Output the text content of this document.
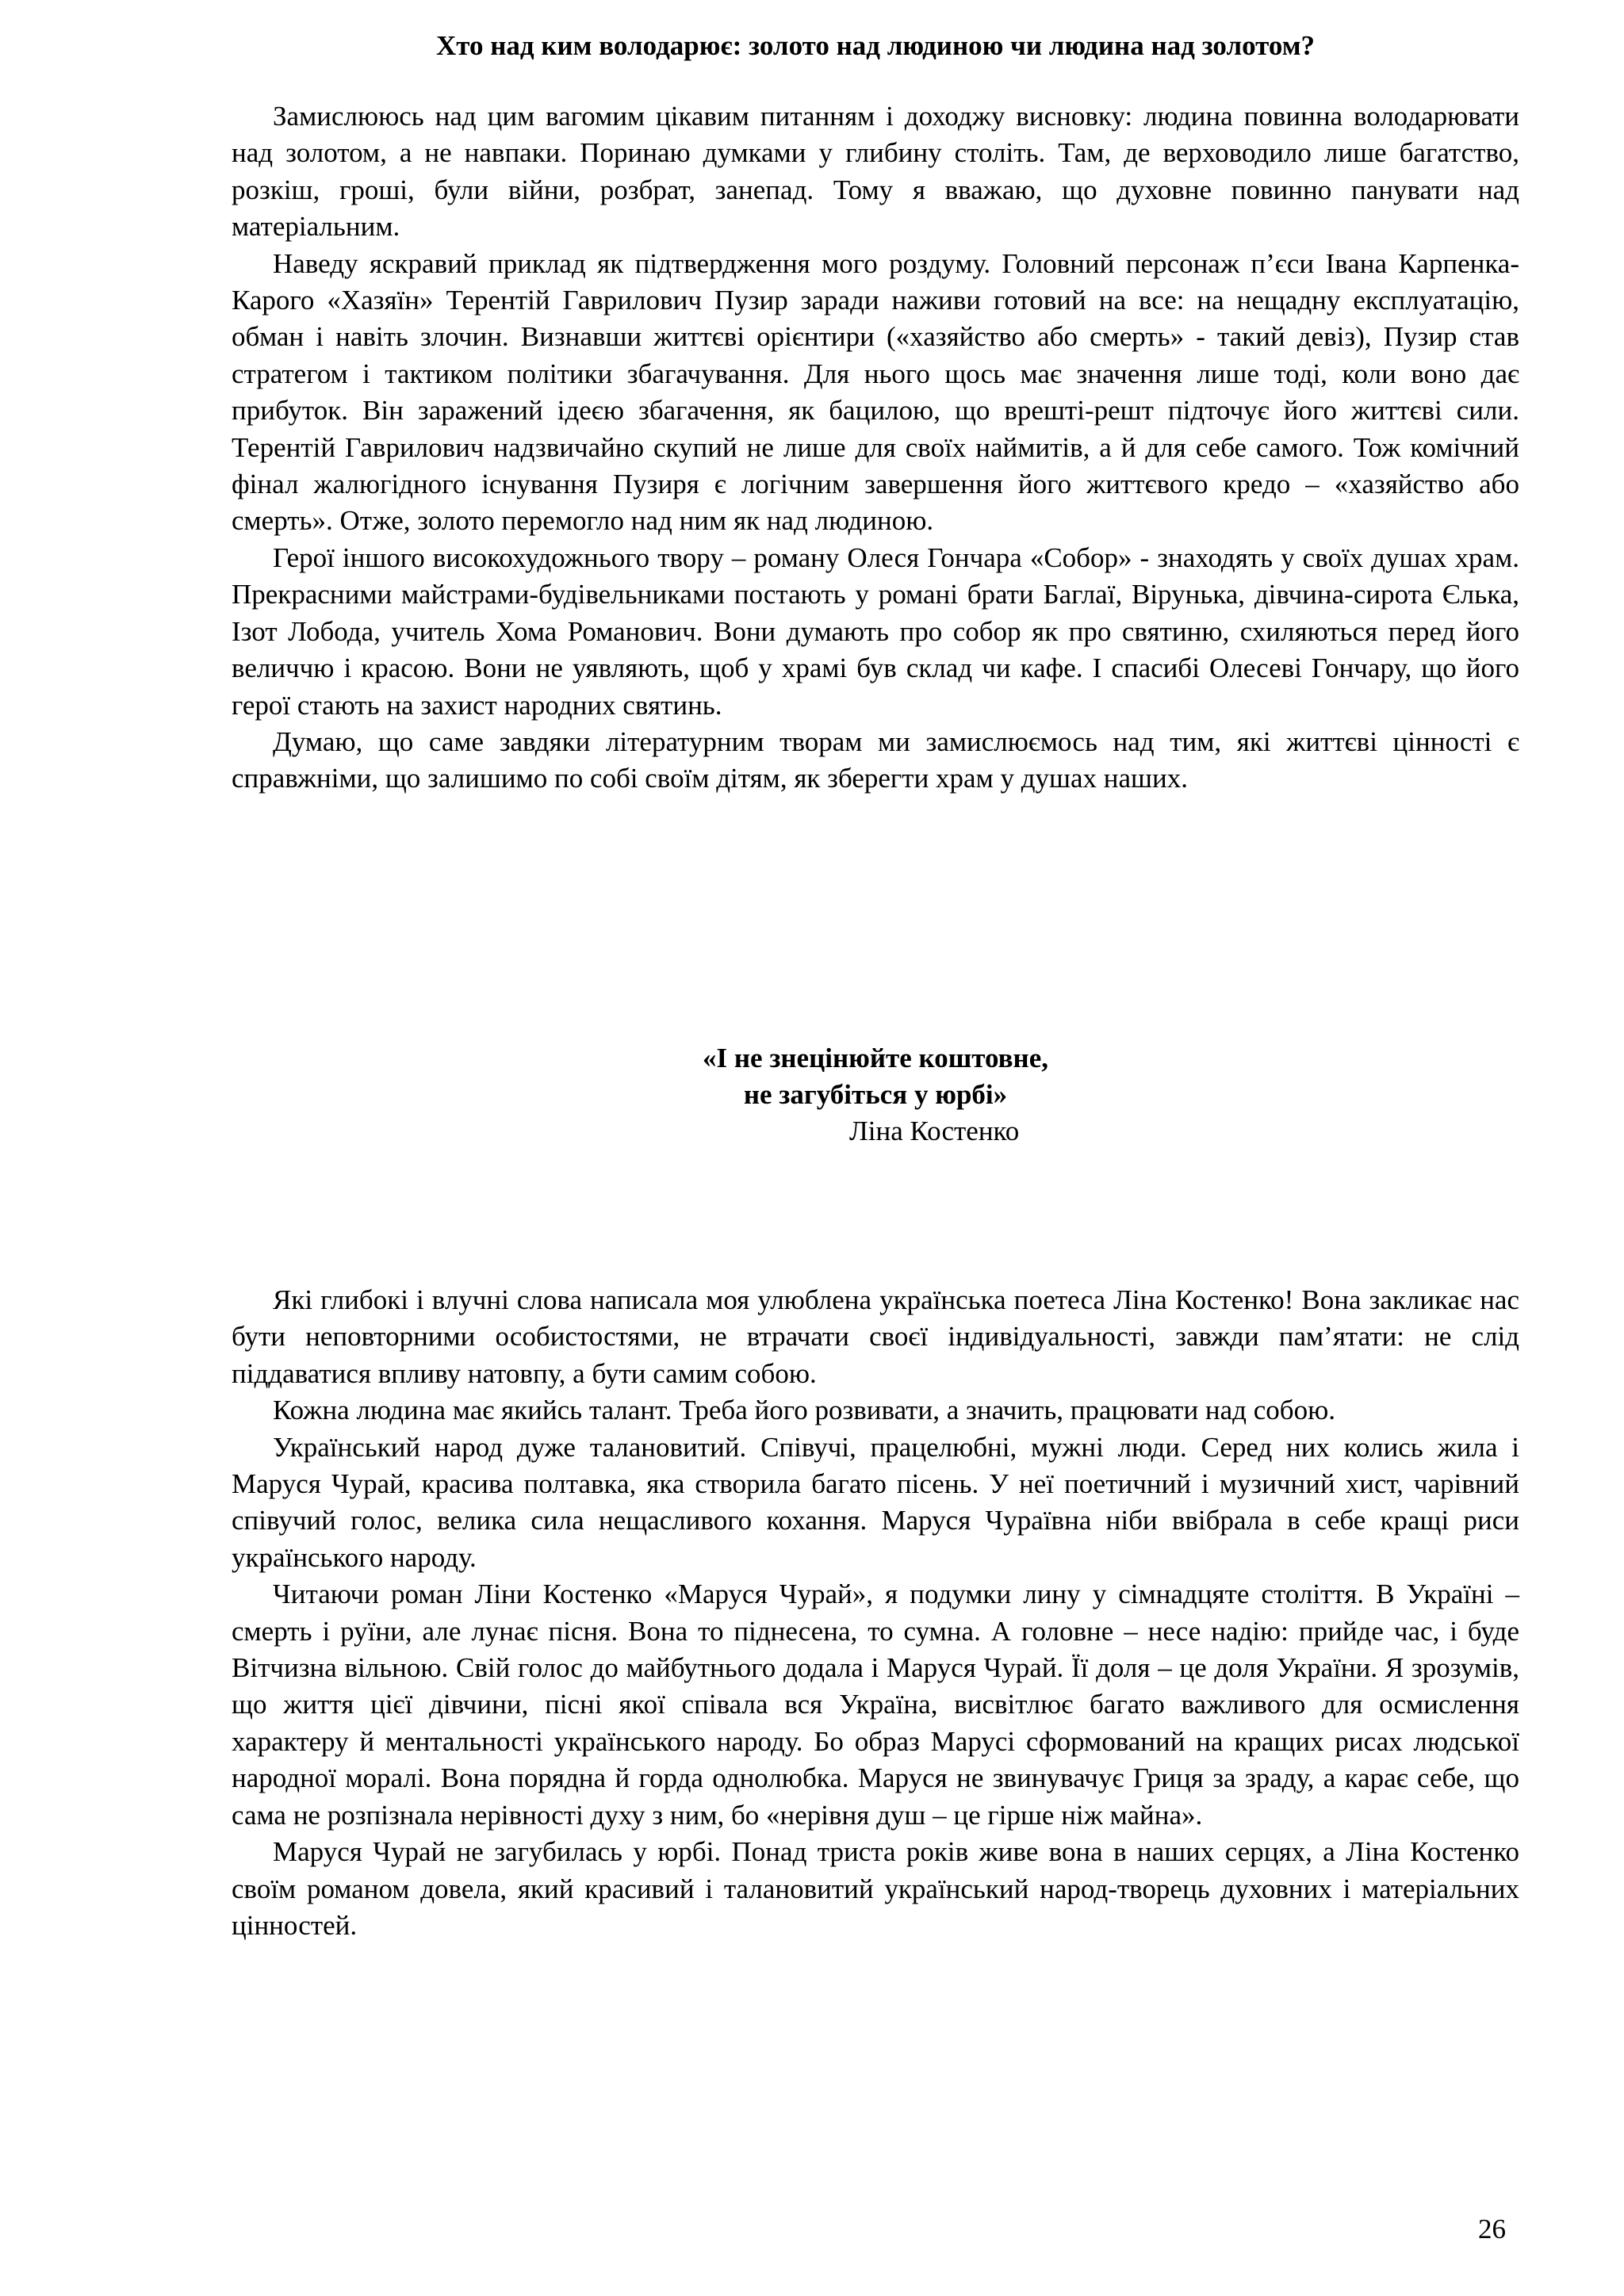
Хто над ким володарює: золото над людиною чи людина над золотом?

Замислююсь над цим вагомим цікавим питанням і доходжу висновку: людина повинна володарювати над золотом, а не навпаки. Поринаю думками у глибину століть. Там, де верховодило лише багатство, розкіш, гроші, були війни, розбрат, занепад. Тому я вважаю, що духовне повинно панувати над матеріальним.

Наведу яскравий приклад як підтвердження мого роздуму. Головний персонаж п’єси Івана Карпенка-Карого «Хазяїн» Терентій Гаврилович Пузир заради наживи готовий на все: на нещадну експлуатацію, обман і навіть злочин. Визнавши життєві орієнтири («хазяйство або смерть» - такий девіз), Пузир став стратегом і тактиком політики збагачування. Для нього щось має значення лише тоді, коли воно дає прибуток. Він заражений ідеєю збагачення, як бацилою, що врешті-решт підточує його життєві сили. Терентій Гаврилович надзвичайно скупий не лише для своїх наймитів, а й для себе самого. Тож комічний фінал жалюгідного існування Пузиря є логічним завершення його життєвого кредо – «хазяйство або смерть». Отже, золото перемогло над ним як над людиною.

Герої іншого високохудожнього твору – роману Олеся Гончара «Собор» - знаходять у своїх душах храм. Прекрасними майстрами-будівельниками постають у романі брати Баглаї, Вірунька, дівчина-сирота Єлька, Ізот Лобода, учитель Хома Романович. Вони думають про собор як про святиню, схиляються перед його величчю і красою. Вони не уявляють, щоб у храмі був склад чи кафе. І спасибі Олесеві Гончару, що його герої стають на захист народних святинь.

Думаю, що саме завдяки літературним творам ми замислюємось над тим, які життєві цінності є справжніми, що залишимо по собі своїм дітям, як зберегти храм у душах наших.

«І не знецінюйте коштовне,

не загубіться у юрбі»

Ліна Костенко

Які глибокі і влучні слова написала моя улюблена українська поетеса Ліна Костенко! Вона закликає нас бути неповторними особистостями, не втрачати своєї індивідуальності, завжди пам’ятати: не слід піддаватися впливу натовпу, а бути самим собою.

Кожна людина має якийсь талант. Треба його розвивати, а значить, працювати над собою.

Український народ дуже талановитий. Співучі, працелюбні, мужні люди. Серед них колись жила і Маруся Чурай, красива полтавка, яка створила багато пісень. У неї поетичний і музичний хист, чарівний співучий голос, велика сила нещасливого кохання. Маруся Чураївна ніби ввібрала в себе кращі риси українського народу.

Читаючи роман Ліни Костенко «Маруся Чурай», я подумки лину у сімнадцяте століття. В Україні – смерть і руїни, але лунає пісня. Вона то піднесена, то сумна. А головне – несе надію: прийде час, і буде Вітчизна вільною. Свій голос до майбутнього додала і Маруся Чурай. Її доля – це доля України. Я зрозумів, що життя цієї дівчини, пісні якої співала вся Україна, висвітлює багато важливого для осмислення характеру й ментальності українського народу. Бо образ Марусі сформований на кращих рисах людської народної моралі. Вона порядна й горда однолюбка. Маруся не звинувачує Гриця за зраду, а карає себе, що сама не розпізнала нерівності духу з ним, бо «нерівня душ – це гірше ніж майна».

Маруся Чурай не загубилась у юрбі. Понад триста років живе вона в наших серцях, а Ліна Костенко своїм романом довела, який красивий і талановитий український народ-творець духовних і матеріальних цінностей.

26
